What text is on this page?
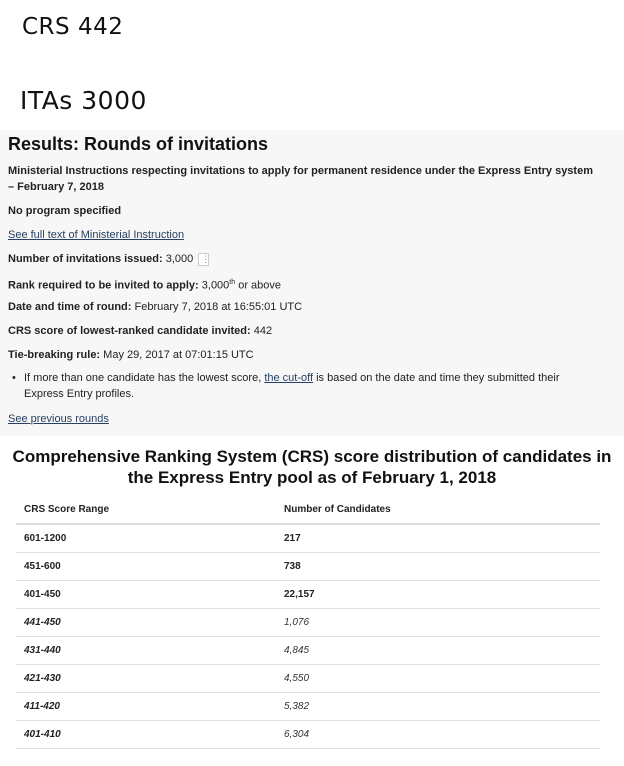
CRS 442
ITAs 3000
Results: Rounds of invitations
Ministerial Instructions respecting invitations to apply for permanent residence under the Express Entry system – February 7, 2018
No program specified
See full text of Ministerial Instruction
Number of invitations issued: 3,000⋮
Rank required to be invited to apply: 3,000th or above
Date and time of round: February 7, 2018 at 16:55:01 UTC
CRS score of lowest-ranked candidate invited: 442
Tie-breaking rule: May 29, 2017 at 07:01:15 UTC
• If more than one candidate has the lowest score, the cut-off is based on the date and time they submitted their Express Entry profiles.
See previous rounds
Comprehensive Ranking System (CRS) score distribution of candidates in the Express Entry pool as of February 1, 2018
CRS Score Range	Number of Candidates
601-1200	217
451-600	738
401-450	22,157
441-450	1,076
431-440	4,845
421-430	4,550
411-420	5,382
401-410	6,304
